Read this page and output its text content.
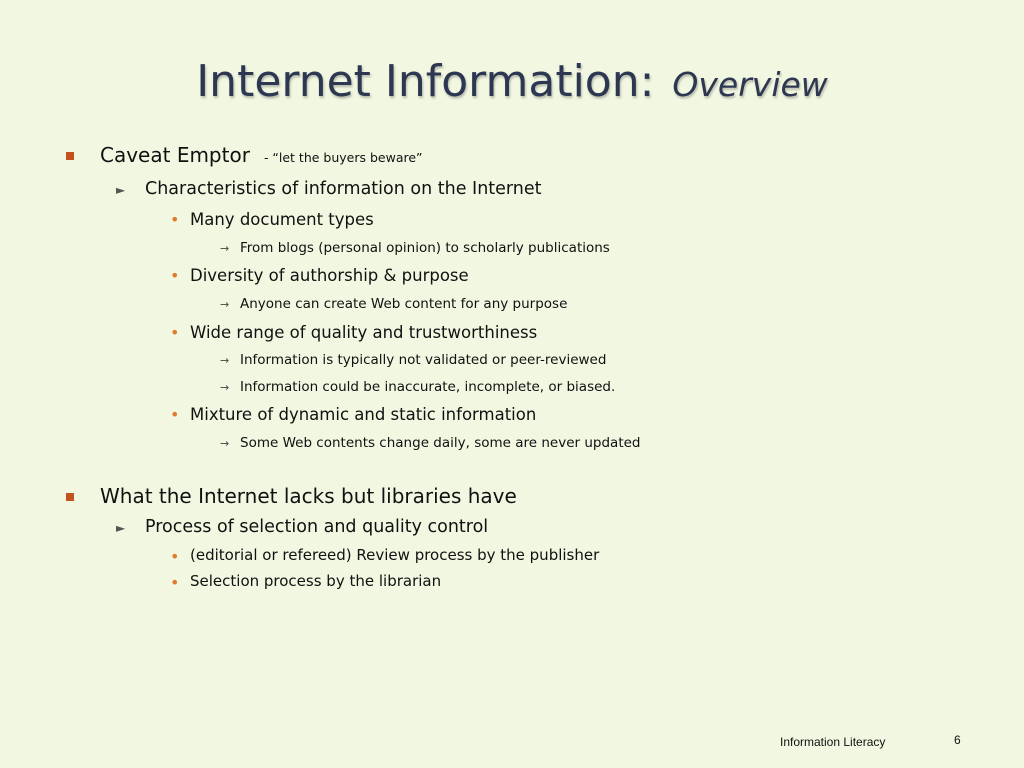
Internet Information: Overview
Caveat Emptor - “let the buyers beware”
► Characteristics of information on the Internet
• Many document types
→ From blogs (personal opinion) to scholarly publications
• Diversity of authorship & purpose
→ Anyone can create Web content for any purpose
• Wide range of quality and trustworthiness
→ Information is typically not validated or peer-reviewed
→ Information could be inaccurate, incomplete, or biased.
• Mixture of dynamic and static information
→ Some Web contents change daily, some are never updated
What the Internet lacks but libraries have
► Process of selection and quality control
• (editorial or refereed) Review process by the publisher
• Selection process by the librarian
Information Literacy	6
